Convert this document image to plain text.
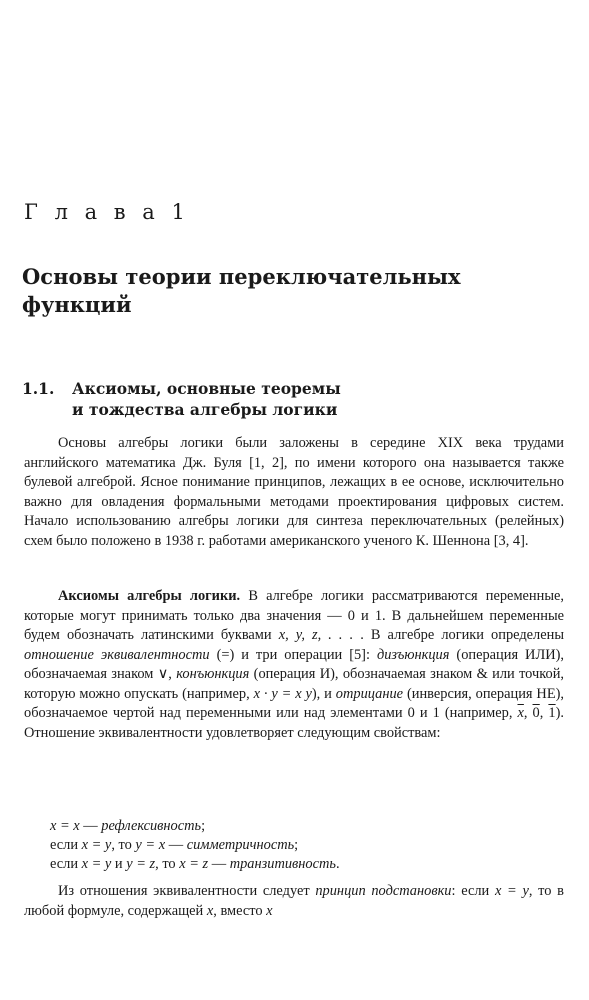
Г л а в а 1
Основы теории переключательных функций
1.1. Аксиомы, основные теоремы
и тождества алгебры логики

Основы алгебры логики были заложены в середине XIX века трудами английского математика Дж. Буля [1, 2], по имени которого она называется также булевой алгеброй. Ясное понимание принципов, лежащих в ее основе, исключительно важно для овладения формальными методами проектирования цифровых систем. Начало использованию алгебры логики для синтеза переключательных (релейных) схем было положено в 1938 г. работами американского ученого К. Шеннона [3, 4].

Аксиомы алгебры логики. В алгебре логики рассматриваются переменные, которые могут принимать только два значения — 0 и 1. В дальнейшем переменные будем обозначать латинскими буквами x, y, z, . . . . В алгебре логики определены отношение эквивалентности (=) и три операции [5]: дизъюнкция (операция ИЛИ), обозначаемая знаком ∨, конъюнкция (операция И), обозначаемая знаком & или точкой, которую можно опускать (например, x · y = x y), и отрицание (инверсия, операция НЕ), обозначаемое чертой над переменными или над элементами 0 и 1 (например, $\overline{x}$, 0, 1). Отношение эквивалентности удовлетворяет следующим свойствам:

x = x — рефлексивность;
если x = y, то y = x — симметричность;
если x = y и y = z, то x = z — транзитивность.

Из отношения эквивалентности следует принцип подстановки: если x = y, то в любой формуле, содержащей x, вместо x
